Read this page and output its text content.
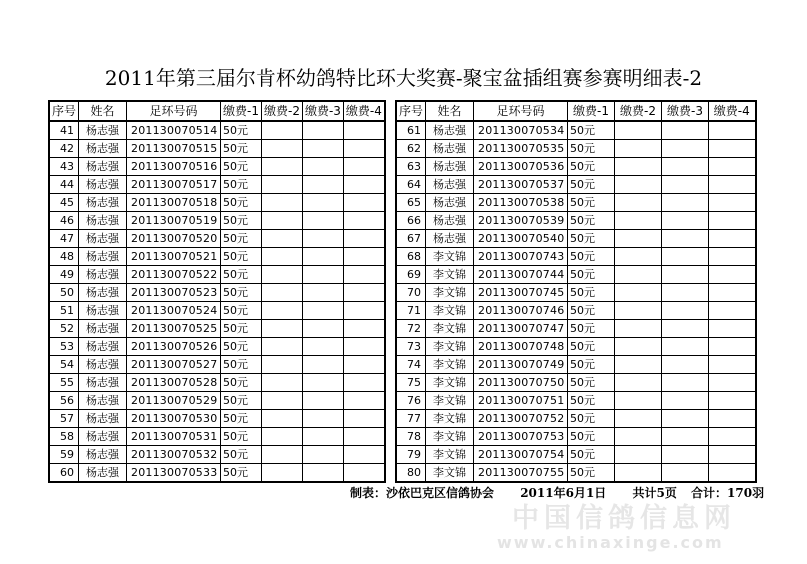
2011年第三届尔肯杯幼鸽特比环大奖赛-聚宝盆插组赛参赛明细表-2
序号	姓名	足环号码	缴费-1	缴费-2	缴费-3	缴费-4
41	杨志强	201130070514	50元			
42	杨志强	201130070515	50元			
43	杨志强	201130070516	50元			
44	杨志强	201130070517	50元			
45	杨志强	201130070518	50元			
46	杨志强	201130070519	50元			
47	杨志强	201130070520	50元			
48	杨志强	201130070521	50元			
49	杨志强	201130070522	50元			
50	杨志强	201130070523	50元			
51	杨志强	201130070524	50元			
52	杨志强	201130070525	50元			
53	杨志强	201130070526	50元			
54	杨志强	201130070527	50元			
55	杨志强	201130070528	50元			
56	杨志强	201130070529	50元			
57	杨志强	201130070530	50元			
58	杨志强	201130070531	50元			
59	杨志强	201130070532	50元			
60	杨志强	201130070533	50元			
序号	姓名	足环号码	缴费-1	缴费-2	缴费-3	缴费-4
61	杨志强	201130070534	50元			
62	杨志强	201130070535	50元			
63	杨志强	201130070536	50元			
64	杨志强	201130070537	50元			
65	杨志强	201130070538	50元			
66	杨志强	201130070539	50元			
67	杨志强	201130070540	50元			
68	李文锦	201130070743	50元			
69	李文锦	201130070744	50元			
70	李文锦	201130070745	50元			
71	李文锦	201130070746	50元			
72	李文锦	201130070747	50元			
73	李文锦	201130070748	50元			
74	李文锦	201130070749	50元			
75	李文锦	201130070750	50元			
76	李文锦	201130070751	50元			
77	李文锦	201130070752	50元			
78	李文锦	201130070753	50元			
79	李文锦	201130070754	50元			
80	李文锦	201130070755	50元			
制表：沙依巴克区信鸽协会 2011年6月1日 共计5页 合计：170羽
中国信鸽信息网
www.chinaxinge.com
